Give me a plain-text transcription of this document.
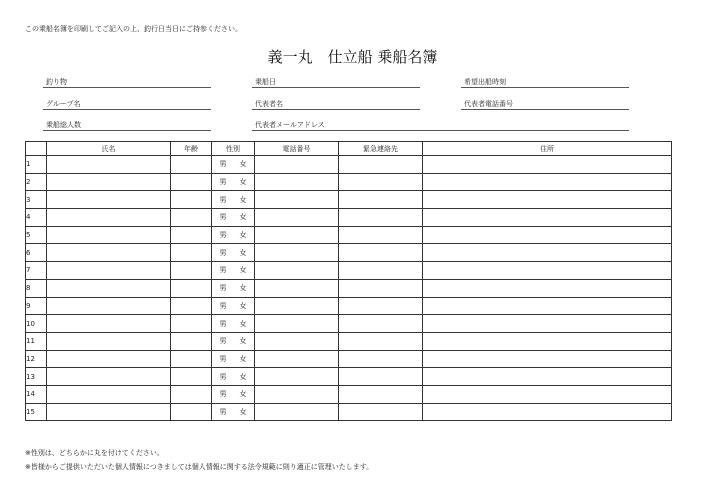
この乗船名簿を印刷してご記入の上、釣行日当日にご持参ください。
義一丸　仕立船 乗船名簿
釣り物	乗船日	希望出船時刻
グループ名	代表者名	代表者電話番号
乗船総人数	代表者メールアドレス
	氏名	年齢	性別	電話番号	緊急連絡先	住所
1			男 女			
2			男 女			
3			男 女			
4			男 女			
5			男 女			
6			男 女			
7			男 女			
8			男 女			
9			男 女			
10			男 女			
11			男 女			
12			男 女			
13			男 女			
14			男 女			
15			男 女			
※性別は、どちらかに丸を付けてください。
※皆様からご提供いただいた個人情報につきましては個人情報に関する法令規範に則り適正に管理いたします。
